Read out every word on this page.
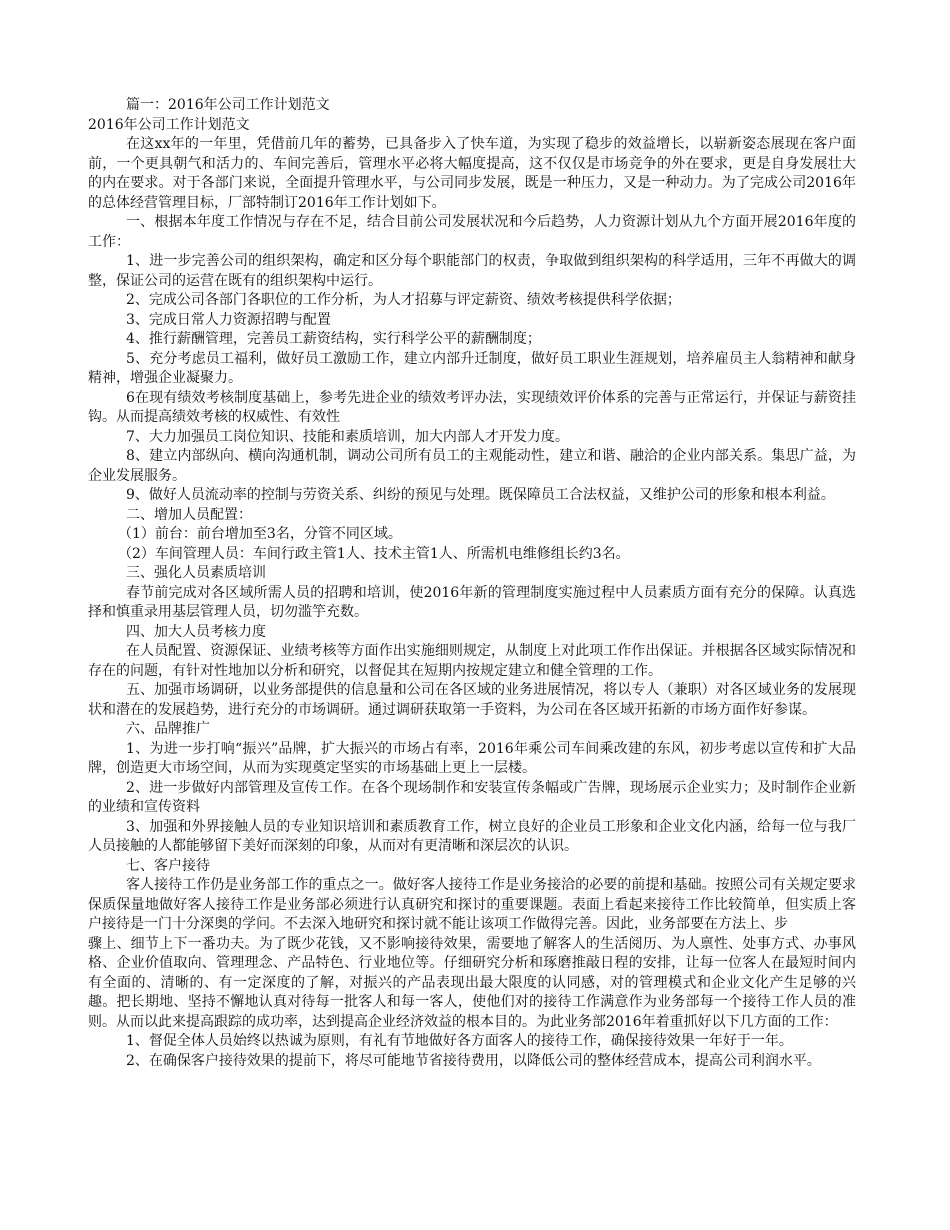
篇一：2016年公司工作计划范文

2016年公司工作计划范文

在这xx年的一年里，凭借前几年的蓄势，已具备步入了快车道，为实现了稳步的效益增长，以崭新姿态展现在客户面前，一个更具朝气和活力的、车间完善后，管理水平必将大幅度提高，这不仅仅是市场竞争的外在要求，更是自身发展壮大的内在要求。对于各部门来说，全面提升管理水平，与公司同步发展，既是一种压力，又是一种动力。为了完成公司2016年的总体经营管理目标，厂部特制订2016年工作计划如下。

一、根据本年度工作情况与存在不足，结合目前公司发展状况和今后趋势，人力资源计划从九个方面开展2016年度的工作：

1、进一步完善公司的组织架构，确定和区分每个职能部门的权责，争取做到组织架构的科学适用，三年不再做大的调整，保证公司的运营在既有的组织架构中运行。

2、完成公司各部门各职位的工作分析，为人才招募与评定薪资、绩效考核提供科学依据；

3、完成日常人力资源招聘与配置

4、推行薪酬管理，完善员工薪资结构，实行科学公平的薪酬制度；

5、充分考虑员工福利，做好员工激励工作，建立内部升迁制度，做好员工职业生涯规划，培养雇员主人翁精神和献身精神，增强企业凝聚力。

6在现有绩效考核制度基础上，参考先进企业的绩效考评办法，实现绩效评价体系的完善与正常运行，并保证与薪资挂钩。从而提高绩效考核的权威性、有效性

7、大力加强员工岗位知识、技能和素质培训，加大内部人才开发力度。

8、建立内部纵向、横向沟通机制，调动公司所有员工的主观能动性，建立和谐、融洽的企业内部关系。集思广益，为企业发展服务。

9、做好人员流动率的控制与劳资关系、纠纷的预见与处理。既保障员工合法权益，又维护公司的形象和根本利益。

二、增加人员配置：

（1）前台：前台增加至3名，分管不同区域。

（2）车间管理人员：车间行政主管1人、技术主管1人、所需机电维修组长约3名。

三、强化人员素质培训

春节前完成对各区域所需人员的招聘和培训，使2016年新的管理制度实施过程中人员素质方面有充分的保障。认真选择和慎重录用基层管理人员，切勿滥竽充数。

四、加大人员考核力度

在人员配置、资源保证、业绩考核等方面作出实施细则规定，从制度上对此项工作作出保证。并根据各区域实际情况和存在的问题，有针对性地加以分析和研究，以督促其在短期内按规定建立和健全管理的工作。

五、加强市场调研，以业务部提供的信息量和公司在各区域的业务进展情况，将以专人（兼职）对各区域业务的发展现状和潜在的发展趋势，进行充分的市场调研。通过调研获取第一手资料，为公司在各区域开拓新的市场方面作好参谋。

六、品牌推广

1、为进一步打响“振兴”品牌，扩大振兴的市场占有率，2016年乘公司车间乘改建的东风，初步考虑以宣传和扩大品牌，创造更大市场空间，从而为实现奠定坚实的市场基础上更上一层楼。

2、进一步做好内部管理及宣传工作。在各个现场制作和安装宣传条幅或广告牌，现场展示企业实力；及时制作企业新的业绩和宣传资料

3、加强和外界接触人员的专业知识培训和素质教育工作，树立良好的企业员工形象和企业文化内涵，给每一位与我厂人员接触的人都能够留下美好而深刻的印象，从而对有更清晰和深层次的认识。

七、客户接待

客人接待工作仍是业务部工作的重点之一。做好客人接待工作是业务接洽的必要的前提和基础。按照公司有关规定要求保质保量地做好客人接待工作是业务部必须进行认真研究和探讨的重要课题。表面上看起来接待工作比较简单，但实质上客户接待是一门十分深奥的学问。不去深入地研究和探讨就不能让该项工作做得完善。因此，业务部要在方法上、步

骤上、细节上下一番功夫。为了既少花钱，又不影响接待效果，需要地了解客人的生活阅历、为人禀性、处事方式、办事风格、企业价值取向、管理理念、产品特色、行业地位等。仔细研究分析和琢磨推敲日程的安排，让每一位客人在最短时间内有全面的、清晰的、有一定深度的了解，对振兴的产品表现出最大限度的认同感，对的管理模式和企业文化产生足够的兴趣。把长期地、坚持不懈地认真对待每一批客人和每一客人，使他们对的接待工作满意作为业务部每一个接待工作人员的准则。从而以此来提高跟踪的成功率，达到提高企业经济效益的根本目的。为此业务部2016年着重抓好以下几方面的工作：

1、督促全体人员始终以热诚为原则，有礼有节地做好各方面客人的接待工作，确保接待效果一年好于一年。

2、在确保客户接待效果的提前下，将尽可能地节省接待费用，以降低公司的整体经营成本，提高公司利润水平。
